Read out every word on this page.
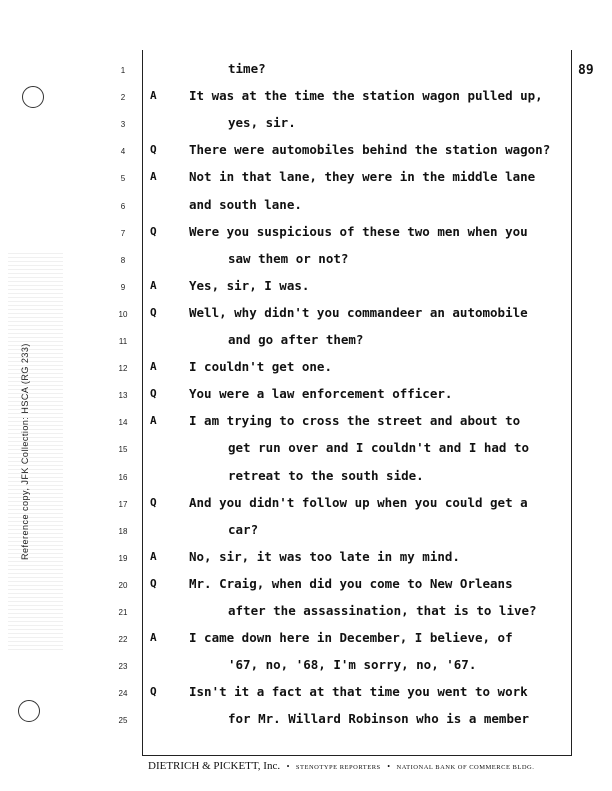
Reference copy, JFK Collection: HSCA (RG 233)
89
1	time?
2	A	It was at the time the station wagon pulled up,
3	yes, sir.
4	Q	There were automobiles behind the station wagon?
5	A	Not in that lane, they were in the middle lane
6	and south lane.
7	Q	Were you suspicious of these two men when you
8	saw them or not?
9	A	Yes, sir, I was.
10	Q	Well, why didn't you commandeer an automobile
11	and go after them?
12	A	I couldn't get one.
13	Q	You were a law enforcement officer.
14	A	I am trying to cross the street and about to
15	get run over and I couldn't and I had to
16	retreat to the south side.
17	Q	And you didn't follow up when you could get a
18	car?
19	A	No, sir, it was too late in my mind.
20	Q	Mr. Craig, when did you come to New Orleans
21	after the assassination, that is to live?
22	A	I came down here in December, I believe, of
23	'67, no, '68, I'm sorry, no, '67.
24	Q	Isn't it a fact at that time you went to work
25	for Mr. Willard Robinson who is a member
DIETRICH & PICKETT, Inc. • STENOTYPE REPORTERS • NATIONAL BANK OF COMMERCE BLDG.
